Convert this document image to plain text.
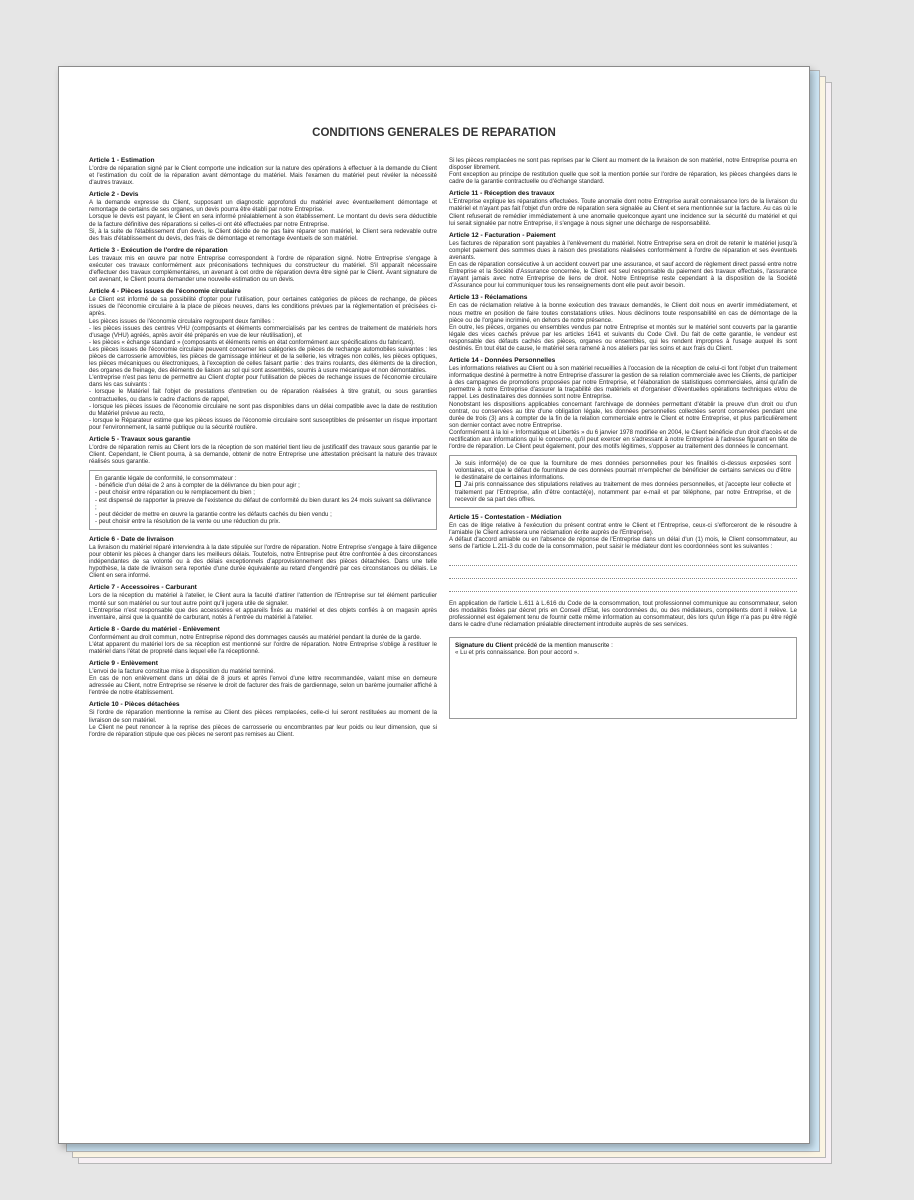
CONDITIONS GENERALES DE REPARATION
Article 1 - Estimation

L'ordre de réparation signé par le Client comporte une indication sur la nature des opérations à effectuer à la demande du Client et l'estimation du coût de la réparation avant démontage du matériel. Mais l'examen du matériel peut révéler la nécessité d'autres travaux.

Article 2 - Devis

A la demande expresse du Client, supposant un diagnostic approfondi du matériel avec éventuellement démontage et remontage de certains de ses organes, un devis pourra être établi par notre Entreprise.

Lorsque le devis est payant, le Client en sera informé préalablement à son établissement. Le montant du devis sera déductible de la facture définitive des réparations si celles-ci ont été effectuées par notre Entreprise.

Si, à la suite de l'établissement d'un devis, le Client décide de ne pas faire réparer son matériel, le Client sera redevable outre des frais d'établissement du devis, des frais de démontage et remontage éventuels de son matériel.

Article 3 - Exécution de l'ordre de réparation

Les travaux mis en œuvre par notre Entreprise correspondent à l'ordre de réparation signé. Notre Entreprise s'engage à exécuter ces travaux conformément aux préconisations techniques du constructeur du matériel. S'il apparaît nécessaire d'effectuer des travaux complémentaires, un avenant à cet ordre de réparation devra être signé par le Client. Avant signature de cet avenant, le Client pourra demander une nouvelle estimation ou un devis.

Article 4 - Pièces issues de l'économie circulaire

Le Client est informé de sa possibilité d'opter pour l'utilisation, pour certaines catégories de pièces de rechange, de pièces issues de l'économie circulaire à la place de pièces neuves, dans les conditions prévues par la réglementation et précisées ci-après.

Les pièces issues de l'économie circulaire regroupent deux familles :

- les pièces issues des centres VHU (composants et éléments commercialisés par les centres de traitement de matériels hors d'usage (VHU) agréés, après avoir été préparés en vue de leur réutilisation), et

- les pièces « échange standard » (composants et éléments remis en état conformément aux spécifications du fabricant).

Les pièces issues de l'économie circulaire peuvent concerner les catégories de pièces de rechange automobiles suivantes : les pièces de carrosserie amovibles, les pièces de garnissage intérieur et de la sellerie, les vitrages non collés, les pièces optiques, les pièces mécaniques ou électroniques, à l'exception de celles faisant partie : des trains roulants, des éléments de la direction, des organes de freinage, des éléments de liaison au sol qui sont assemblés, soumis à usure mécanique et non démontables.

L'entreprise n'est pas tenu de permettre au Client d'opter pour l'utilisation de pièces de rechange issues de l'économie circulaire dans les cas suivants :

- lorsque le Matériel fait l'objet de prestations d'entretien ou de réparation réalisées à titre gratuit, ou sous garanties contractuelles, ou dans le cadre d'actions de rappel,

- lorsque les pièces issues de l'économie circulaire ne sont pas disponibles dans un délai compatible avec la date de restitution du Matériel prévue au recto,

- lorsque le Réparateur estime que les pièces issues de l'économie circulaire sont susceptibles de présenter un risque important pour l'environnement, la santé publique ou la sécurité routière.

Article 5 - Travaux sous garantie

L'ordre de réparation remis au Client lors de la réception de son matériel tient lieu de justificatif des travaux sous garantie par le Client. Cependant, le Client pourra, à sa demande, obtenir de notre Entreprise une attestation précisant la nature des travaux réalisés sous garantie.

En garantie légale de conformité, le consommateur :

- bénéficie d'un délai de 2 ans à compter de la délivrance du bien pour agir ;

- peut choisir entre réparation ou le remplacement du bien ;

- est dispensé de rapporter la preuve de l'existence du défaut de conformité du bien durant les 24 mois suivant sa délivrance ;

- peut décider de mettre en œuvre la garantie contre les défauts cachés du bien vendu ;

- peut choisir entre la résolution de la vente ou une réduction du prix.

Article 6 - Date de livraison

La livraison du matériel réparé interviendra à la date stipulée sur l'ordre de réparation. Notre Entreprise s'engage à faire diligence pour obtenir les pièces à changer dans les meilleurs délais. Toutefois, notre Entreprise peut être confrontée à des circonstances indépendantes de sa volonté ou à des délais exceptionnels d'approvisionnement des pièces détachées. Dans une telle hypothèse, la date de livraison sera reportée d'une durée équivalente au retard d'engendré par ces circonstances ou délais. Le Client en sera informé.

Article 7 - Accessoires - Carburant

Lors de la réception du matériel à l'atelier, le Client aura la faculté d'attirer l'attention de l'Entreprise sur tel élément particulier monté sur son matériel ou sur tout autre point qu'il jugera utile de signaler.

L'Entreprise n'est responsable que des accessoires et appareils fixés au matériel et des objets confiés à on magasin après inventaire, ainsi que la quantité de carburant, notés à l'entrée du matériel à l'atelier.

Article 8 - Garde du matériel - Enlèvement

Conformément au droit commun, notre Entreprise répond des dommages causés au matériel pendant la durée de la garde.

L'état apparent du matériel lors de sa réception est mentionné sur l'ordre de réparation. Notre Entreprise s'oblige à restituer le matériel dans l'état de propreté dans lequel elle l'a réceptionné.

Article 9 - Enlèvement

L'envoi de la facture constitue mise à disposition du matériel terminé.

En cas de non enlèvement dans un délai de 8 jours et après l'envoi d'une lettre recommandée, valant mise en demeure adressée au Client, notre Entreprise se réserve le droit de facturer des frais de gardiennage, selon un barème journalier affiché à l'entrée de notre établissement.

Article 10 - Pièces détachées

Si l'ordre de réparation mentionne la remise au Client des pièces remplacées, celle-ci lui seront restituées au moment de la livraison de son matériel.

Le Client ne peut renoncer à la reprise des pièces de carrosserie ou encombrantes par leur poids ou leur dimension, que si l'ordre de réparation stipule que ces pièces ne seront pas remises au Client.

Si les pièces remplacées ne sont pas reprises par le Client au moment de la livraison de son matériel, notre Entreprise pourra en disposer librement.

Font exception au principe de restitution quelle que soit la mention portée sur l'ordre de réparation, les pièces changées dans le cadre de la garantie contractuelle ou d'échange standard.

Article 11 - Réception des travaux

L'Entreprise explique les réparations effectuées. Toute anomalie dont notre Entreprise aurait connaissance lors de la livraison du matériel et n'ayant pas fait l'objet d'un ordre de réparation sera signalée au Client et sera mentionnée sur la facture. Au cas où le Client refuserait de remédier immédiatement à une anomalie quelconque ayant une incidence sur la sécurité du matériel et qui lui serait signalée par notre Entreprise, il s'engage à nous signer une décharge de responsabilité.

Article 12 - Facturation - Paiement

Les factures de réparation sont payables à l'enlèvement du matériel. Notre Entreprise sera en droit de retenir le matériel jusqu'à complet paiement des sommes dues à raison des prestations réalisées conformément à l'ordre de réparation et ses éventuels avenants.

En cas de réparation consécutive à un accident couvert par une assurance, et sauf accord de règlement direct passé entre notre Entreprise et la Société d'Assurance concernée, le Client est seul responsable du paiement des travaux effectués, l'assurance n'ayant jamais avec notre Entreprise de liens de droit. Notre Entreprise reste cependant à la disposition de la Société d'Assurance pour lui communiquer tous les renseignements dont elle peut avoir besoin.

Article 13 - Réclamations

En cas de réclamation relative à la bonne exécution des travaux demandés, le Client doit nous en avertir immédiatement, et nous mettre en position de faire toutes constatations utiles. Nous déclinons toute responsabilité en cas de démontage de la pièce ou de l'organe incriminé, en dehors de notre présence.

En outre, les pièces, organes ou ensembles vendus par notre Entreprise et montés sur le matériel sont couverts par la garantie légale des vices cachés prévue par les articles 1641 et suivants du Code Civil. Du fait de cette garantie, le vendeur est responsable des défauts cachés des pièces, organes ou ensembles, qui les rendent impropres à l'usage auquel ils sont destinés. En tout état de cause, le matériel sera ramené à nos ateliers par les soins et aux frais du Client.

Article 14 - Données Personnelles

Les informations relatives au Client ou à son matériel recueillies à l'occasion de la réception de celui-ci font l'objet d'un traitement informatique destiné à permettre à notre Entreprise d'assurer la gestion de sa relation commerciale avec les Clients, de participer à des campagnes de promotions proposées par notre Entreprise, et l'élaboration de statistiques commerciales, ainsi qu'afin de permettre à notre Entreprise d'assurer la traçabilité des matériels et d'organiser d'éventuelles opérations techniques et/ou de rappel. Les destinataires des données sont notre Entreprise.

Nonobstant les dispositions applicables concernant l'archivage de données permettant d'établir la preuve d'un droit ou d'un contrat, ou conservées au titre d'une obligation légale, les données personnelles collectées seront conservées pendant une durée de trois (3) ans à compter de la fin de la relation commerciale entre le Client et notre Entreprise, et plus particulièrement son dernier contact avec notre Entreprise.

Conformément à la loi « Informatique et Libertés » du 6 janvier 1978 modifiée en 2004, le Client bénéficie d'un droit d'accès et de rectification aux informations qui le concerne, qu'il peut exercer en s'adressant à notre Entreprise à l'adresse figurant en tête de l'ordre de réparation. Le Client peut également, pour des motifs légitimes, s'opposer au traitement des données le concernant.

Je suis informé(e) de ce que la fourniture de mes données personnelles pour les finalités ci-dessus exposées sont volontaires, et que le défaut de fourniture de ces données pourrait m'empêcher de bénéficier de certains services ou d'être le destinataire de certaines informations.

J'ai pris connaissance des stipulations relatives au traitement de mes données personnelles, et j'accepte leur collecte et traitement par l'Entreprise, afin d'être contacté(e), notamment par e-mail et par téléphone, par notre Entreprise, et de recevoir de sa part des offres.

Article 15 - Contestation - Médiation

En cas de litige relative à l'exécution du présent contrat entre le Client et l'Entreprise, ceux-ci s'efforceront de le résoudre à l'amiable (le Client adressera une réclamation écrite auprès de l'Entreprise).

A défaut d'accord amiable ou en l'absence de réponse de l'Entreprise dans un délai d'un (1) mois, le Client consommateur, au sens de l'article L.211-3 du code de la consommation, peut saisir le médiateur dont les coordonnées sont les suivantes :

En application de l'article L.611 à L.616 du Code de la consommation, tout professionnel communique au consommateur, selon des modalités fixées par décret pris en Conseil d'Etat, les coordonnées du, ou des médiateurs, compétents dont il relève. Le professionnel est également tenu de fournir cette même information au consommateur, dès lors qu'un litige n'a pas pu être réglé dans le cadre d'une réclamation préalable directement introduite auprès de ses services.

Signature du Client précédé de la mention manuscrite :
« Lu et pris connaissance. Bon pour accord ».
